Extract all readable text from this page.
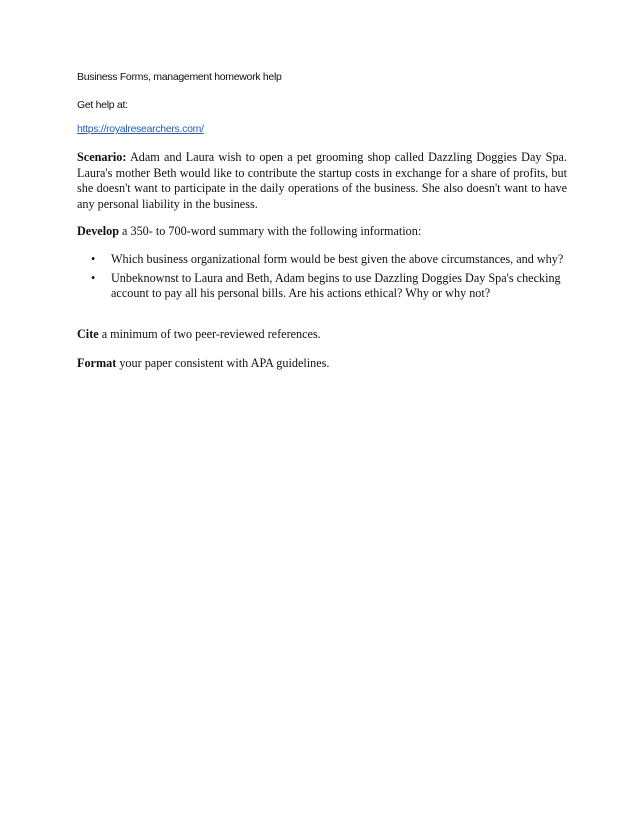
Business Forms, management homework help
Get help at:
https://royalresearchers.com/

Scenario: Adam and Laura wish to open a pet grooming shop called Dazzling Doggies Day Spa. Laura's mother Beth would like to contribute the startup costs in exchange for a share of profits, but she doesn't want to participate in the daily operations of the business. She also doesn't want to have any personal liability in the business.

Develop a 350- to 700-word summary with the following information:

• Which business organizational form would be best given the above circumstances, and why?
• Unbeknownst to Laura and Beth, Adam begins to use Dazzling Doggies Day Spa's checking account to pay all his personal bills. Are his actions ethical? Why or why not?

Cite a minimum of two peer-reviewed references.

Format your paper consistent with APA guidelines.
